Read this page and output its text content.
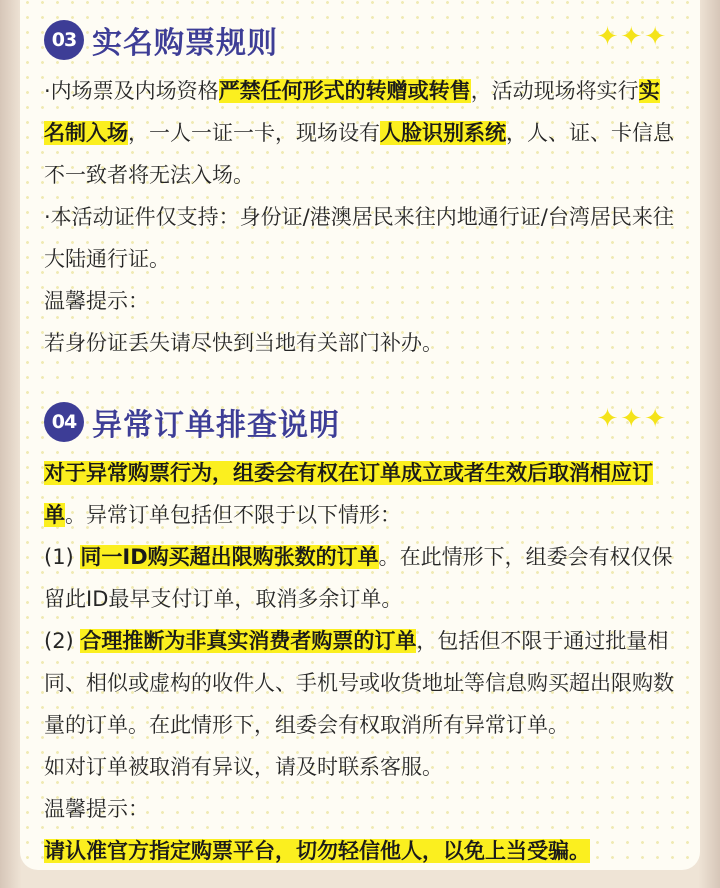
03 实名购票规则	✦✦✦

·内场票及内场资格严禁任何形式的转赠或转售，活动现场将实行实名制入场，一人一证一卡，现场设有人脸识别系统，人、证、卡信息不一致者将无法入场。

·本活动证件仅支持：身份证/港澳居民来往内地通行证/台湾居民来往大陆通行证。

温馨提示：

若身份证丢失请尽快到当地有关部门补办。

04 异常订单排查说明	✦✦✦

对于异常购票行为，组委会有权在订单成立或者生效后取消相应订单。异常订单包括但不限于以下情形：

(1) 同一ID购买超出限购张数的订单。在此情形下，组委会有权仅保留此ID最早支付订单，取消多余订单。

(2) 合理推断为非真实消费者购票的订单，包括但不限于通过批量相同、相似或虚构的收件人、手机号或收货地址等信息购买超出限购数量的订单。在此情形下，组委会有权取消所有异常订单。

如对订单被取消有异议，请及时联系客服。

温馨提示：

请认准官方指定购票平台，切勿轻信他人，以免上当受骗。
